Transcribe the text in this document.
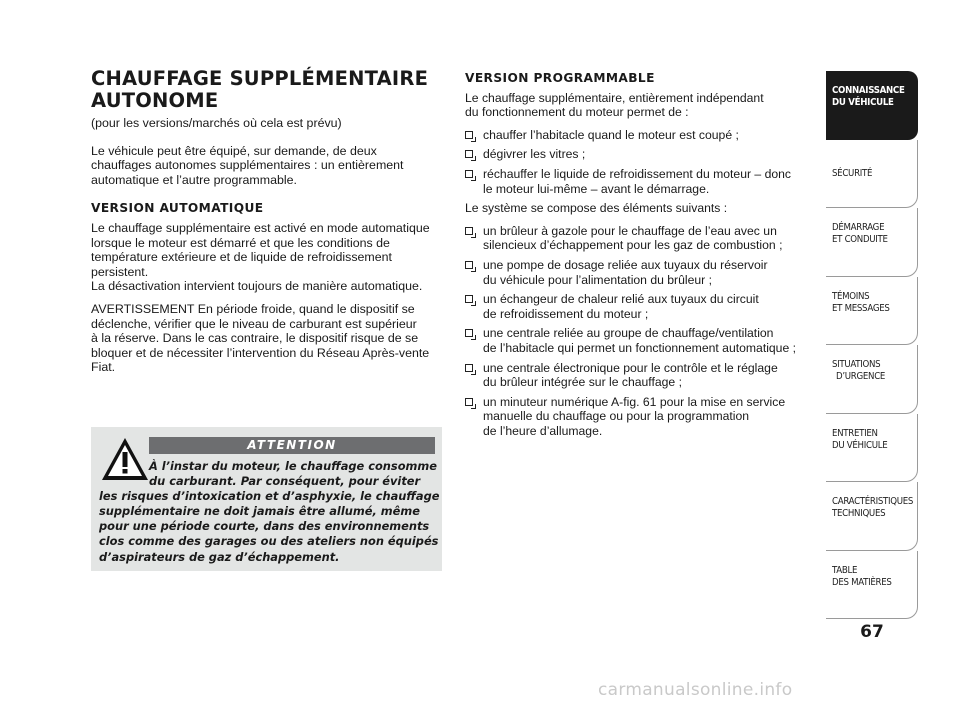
CHAUFFAGE SUPPLÉMENTAIRE
AUTONOME
(pour les versions/marchés où cela est prévu)
Le véhicule peut être équipé, sur demande, de deux
chauffages autonomes supplémentaires : un entièrement
automatique et l’autre programmable.
VERSION AUTOMATIQUE
Le chauffage supplémentaire est activé en mode automatique
lorsque le moteur est démarré et que les conditions de
température extérieure et de liquide de refroidissement
persistent.
La désactivation intervient toujours de manière automatique.
AVERTISSEMENT En période froide, quand le dispositif se
déclenche, vérifier que le niveau de carburant est supérieur
à la réserve. Dans le cas contraire, le dispositif risque de se
bloquer et de nécessiter l’intervention du Réseau Après-vente
Fiat.
ATTENTION
À l’instar du moteur, le chauffage consomme
du carburant. Par conséquent, pour éviter
les risques d’intoxication et d’asphyxie, le chauffage
supplémentaire ne doit jamais être allumé, même
pour une période courte, dans des environnements
clos comme des garages ou des ateliers non équipés
d’aspirateurs de gaz d’échappement.
VERSION PROGRAMMABLE
Le chauffage supplémentaire, entièrement indépendant
du fonctionnement du moteur permet de :
chauffer l’habitacle quand le moteur est coupé ;
dégivrer les vitres ;
réchauffer le liquide de refroidissement du moteur – donc
le moteur lui-même – avant le démarrage.
Le système se compose des éléments suivants :
un brûleur à gazole pour le chauffage de l’eau avec un
silencieux d’échappement pour les gaz de combustion ;
une pompe de dosage reliée aux tuyaux du réservoir
du véhicule pour l’alimentation du brûleur ;
un échangeur de chaleur relié aux tuyaux du circuit
de refroidissement du moteur ;
une centrale reliée au groupe de chauffage/ventilation
de l’habitacle qui permet un fonctionnement automatique ;
une centrale électronique pour le contrôle et le réglage
du brûleur intégrée sur le chauffage ;
un minuteur numérique A-fig. 61 pour la mise en service
manuelle du chauffage ou pour la programmation
de l’heure d’allumage.
CONNAISSANCE
DU VÉHICULE
SÉCURITÉ
DÉMARRAGE
ET CONDUITE
TÉMOINS
ET MESSAGES
SITUATIONS
D’URGENCE
ENTRETIEN
DU VÉHICULE
CARACTÉRISTIQUES
TECHNIQUES
TABLE
DES MATIÈRES
67
carmanualsonline.info
